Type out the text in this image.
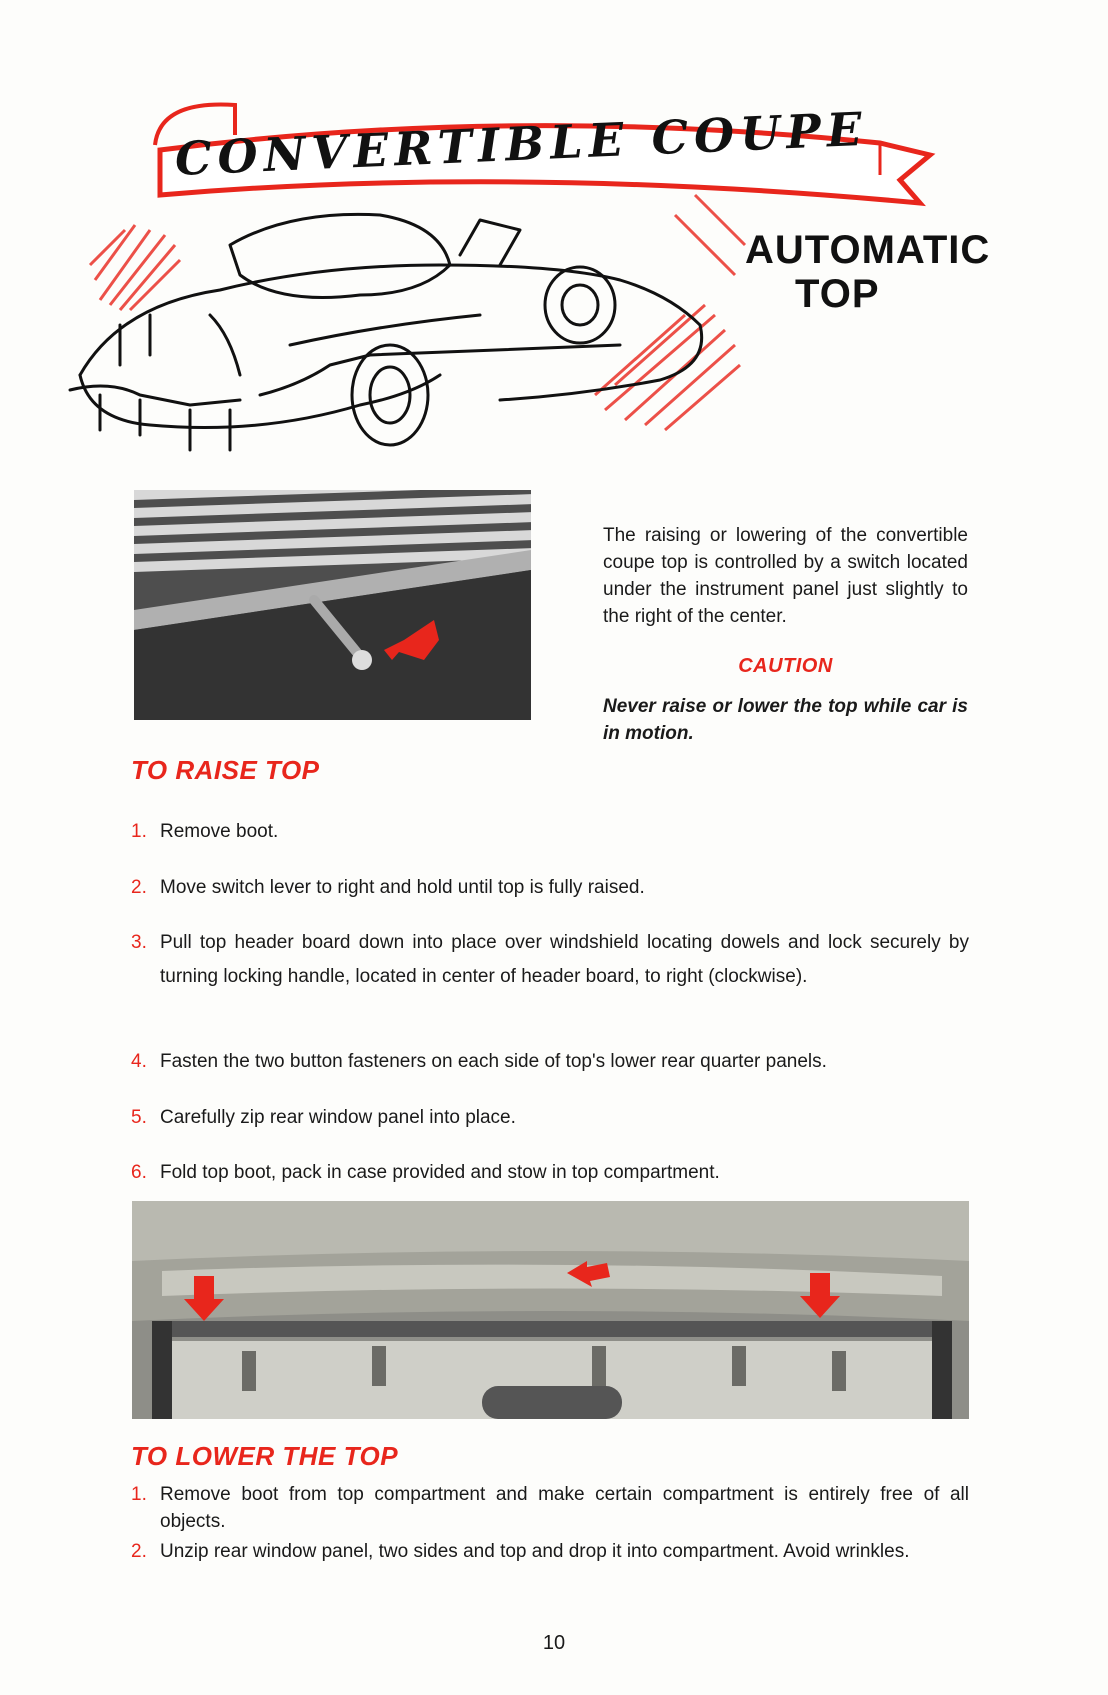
CONVERTIBLE COUPE
AUTOMATIC
TOP
The raising or lowering of the convertible coupe top is controlled by a switch located under the instrument panel just slightly to the right of the center.
CAUTION
Never raise or lower the top while car is in motion.
TO RAISE TOP
1. Remove boot.
2. Move switch lever to right and hold until top is fully raised.
3. Pull top header board down into place over windshield locating dowels and lock securely by turning locking handle, located in center of header board, to right (clockwise).
4. Fasten the two button fasteners on each side of top's lower rear quarter panels.
5. Carefully zip rear window panel into place.
6. Fold top boot, pack in case provided and stow in top compartment.
TO LOWER THE TOP
1. Remove boot from top compartment and make certain compartment is entirely free of all objects.
2. Unzip rear window panel, two sides and top and drop it into compartment. Avoid wrinkles.
10
